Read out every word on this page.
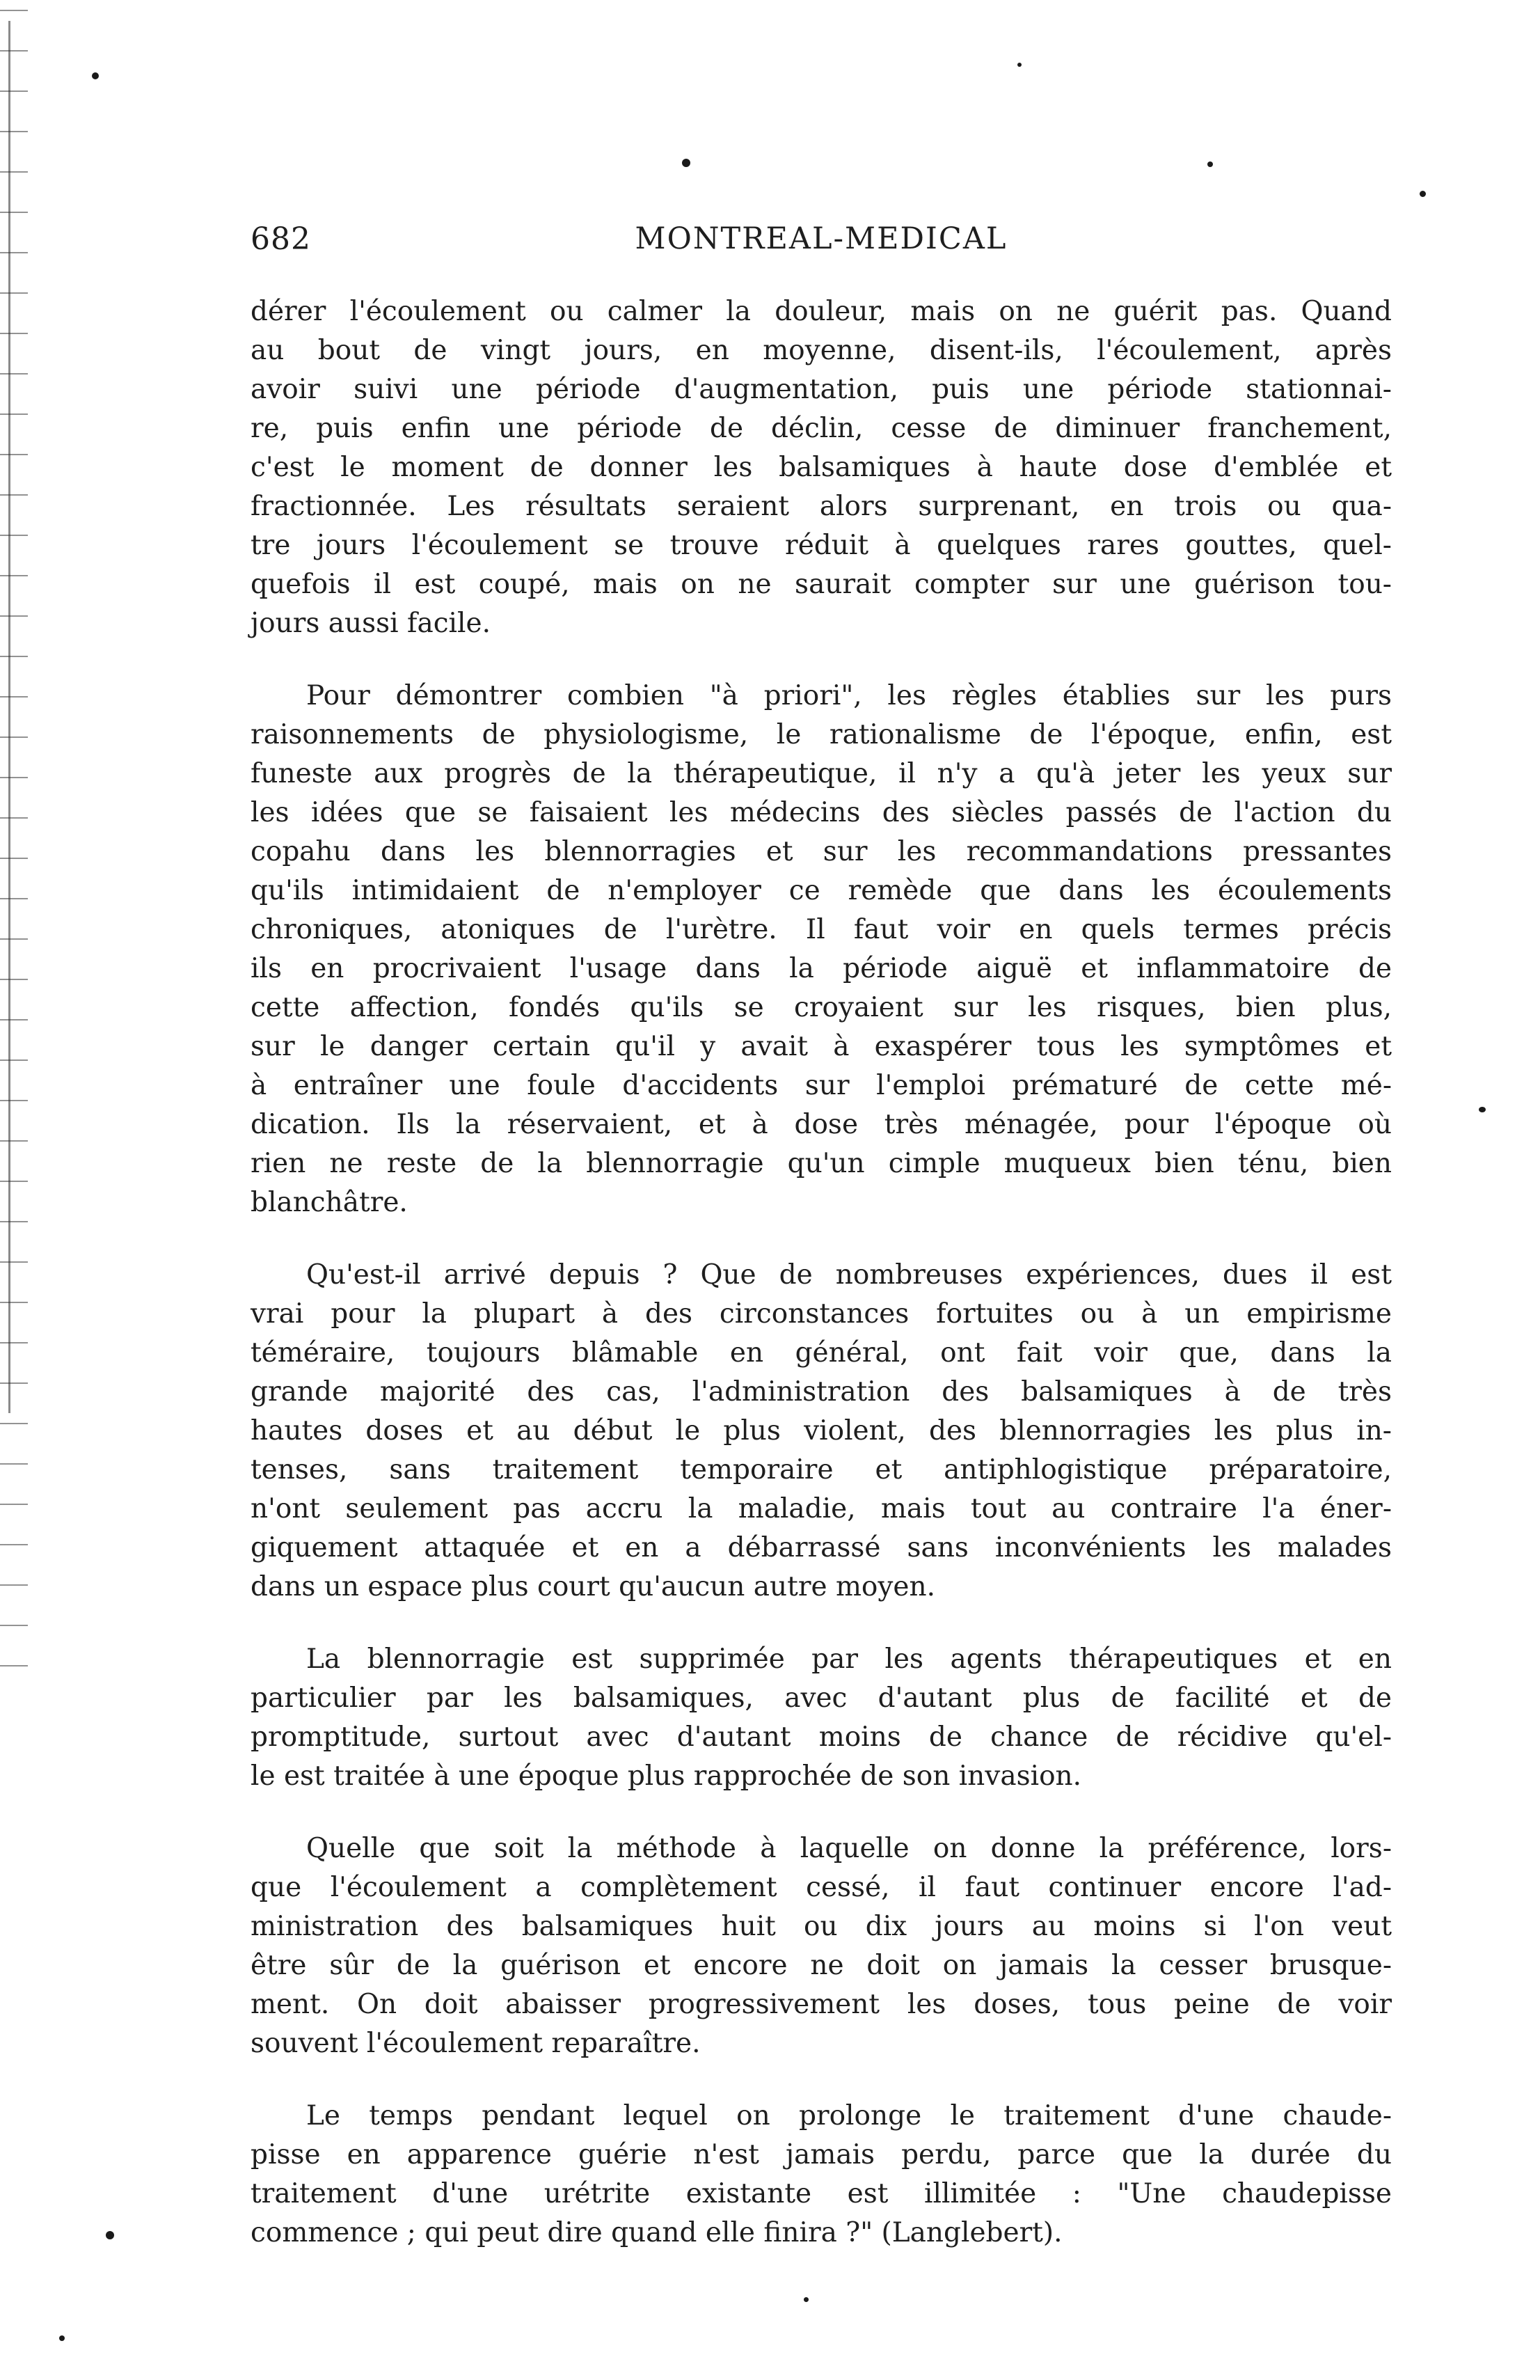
682	MONTREAL-MEDICAL
dérer l'écoulement ou calmer la douleur, mais on ne guérit pas. Quand
au bout de vingt jours, en moyenne, disent-ils, l'écoulement, après
avoir suivi une période d'augmentation, puis une période stationnai-
re, puis enfin une période de déclin, cesse de diminuer franchement,
c'est le moment de donner les balsamiques à haute dose d'emblée et
fractionnée. Les résultats seraient alors surprenant, en trois ou qua-
tre jours l'écoulement se trouve réduit à quelques rares gouttes, quel-
quefois il est coupé, mais on ne saurait compter sur une guérison tou-
jours aussi facile.
Pour démontrer combien "à priori", les règles établies sur les purs
raisonnements de physiologisme, le rationalisme de l'époque, enfin, est
funeste aux progrès de la thérapeutique, il n'y a qu'à jeter les yeux sur
les idées que se faisaient les médecins des siècles passés de l'action du
copahu dans les blennorragies et sur les recommandations pressantes
qu'ils intimidaient de n'employer ce remède que dans les écoulements
chroniques, atoniques de l'urètre. Il faut voir en quels termes précis
ils en procrivaient l'usage dans la période aiguë et inflammatoire de
cette affection, fondés qu'ils se croyaient sur les risques, bien plus,
sur le danger certain qu'il y avait à exaspérer tous les symptômes et
à entraîner une foule d'accidents sur l'emploi prématuré de cette mé-
dication. Ils la réservaient, et à dose très ménagée, pour l'époque où
rien ne reste de la blennorragie qu'un cimple muqueux bien ténu, bien
blanchâtre.
Qu'est-il arrivé depuis ? Que de nombreuses expériences, dues il est
vrai pour la plupart à des circonstances fortuites ou à un empirisme
téméraire, toujours blâmable en général, ont fait voir que, dans la
grande majorité des cas, l'administration des balsamiques à de très
hautes doses et au début le plus violent, des blennorragies les plus in-
tenses, sans traitement temporaire et antiphlogistique préparatoire,
n'ont seulement pas accru la maladie, mais tout au contraire l'a éner-
giquement attaquée et en a débarrassé sans inconvénients les malades
dans un espace plus court qu'aucun autre moyen.
La blennorragie est supprimée par les agents thérapeutiques et en
particulier par les balsamiques, avec d'autant plus de facilité et de
promptitude, surtout avec d'autant moins de chance de récidive qu'el-
le est traitée à une époque plus rapprochée de son invasion.
Quelle que soit la méthode à laquelle on donne la préférence, lors-
que l'écoulement a complètement cessé, il faut continuer encore l'ad-
ministration des balsamiques huit ou dix jours au moins si l'on veut
être sûr de la guérison et encore ne doit on jamais la cesser brusque-
ment. On doit abaisser progressivement les doses, tous peine de voir
souvent l'écoulement reparaître.
Le temps pendant lequel on prolonge le traitement d'une chaude-
pisse en apparence guérie n'est jamais perdu, parce que la durée du
traitement d'une urétrite existante est illimitée : "Une chaudepisse
commence ; qui peut dire quand elle finira ?" (Langlebert).
